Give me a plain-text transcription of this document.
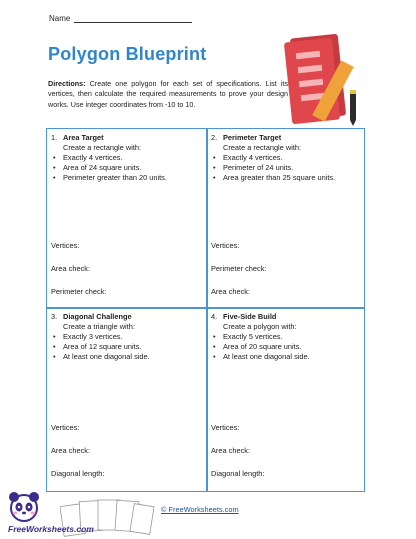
Name
Polygon Blueprint
Directions: Create one polygon for each set of specifications. List its vertices, then calculate the required measurements to prove your design works. Use integer coordinates from -10 to 10.
1. Area Target
Create a rectangle with:
• Exactly 4 vertices.
• Area of 24 square units.
• Perimeter greater than 20 units.
Vertices:
Area check:
Perimeter check:
2. Perimeter Target
Create a rectangle with:
• Exactly 4 vertices.
• Perimeter of 24 units.
• Area greater than 25 square units.
Vertices:
Perimeter check:
Area check:
3. Diagonal Challenge
Create a triangle with:
• Exactly 3 vertices.
• Area of 12 square units.
• At least one diagonal side.
Vertices:
Area check:
Diagonal length:
4. Five-Side Build
Create a polygon with:
• Exactly 5 vertices.
• Area of 20 square units.
• At least one diagonal side.
Vertices:
Area check:
Diagonal length:
FreeWorksheets.com
© FreeWorksheets.com
